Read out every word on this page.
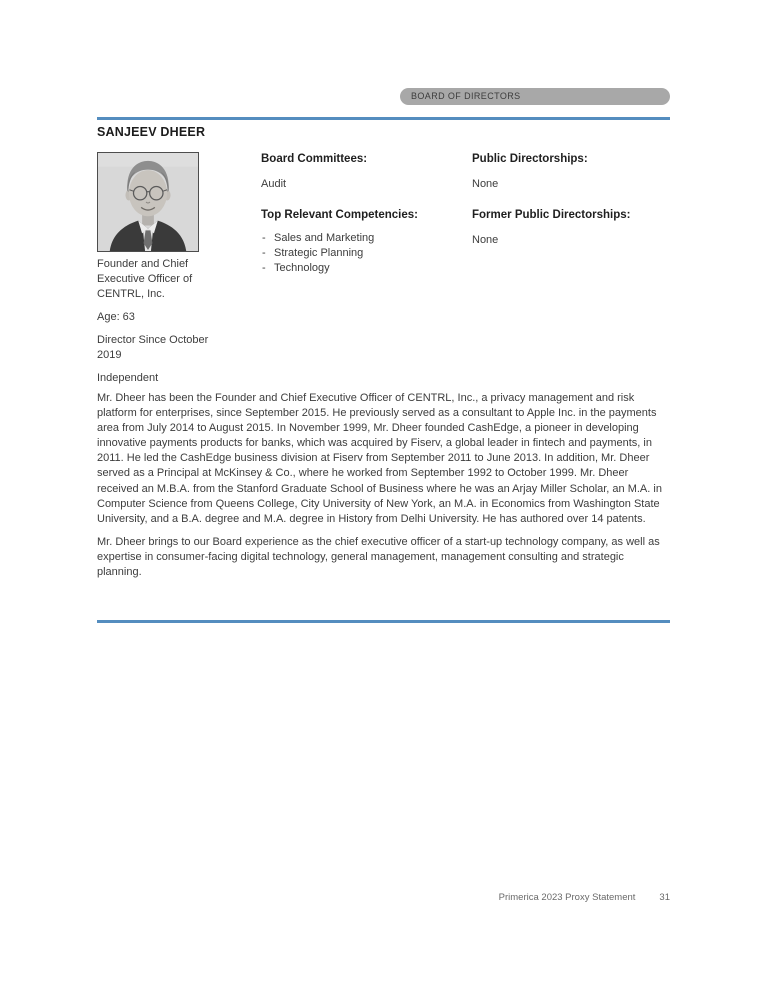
BOARD OF DIRECTORS
SANJEEV DHEER

Founder and Chief Executive Officer of CENTRL, Inc.

Age: 63

Director Since October 2019

Independent

Board Committees:

Audit

Top Relevant Competencies:
- Sales and Marketing
- Strategic Planning
- Technology
Public Directorships:

None

Former Public Directorships:

None

Mr. Dheer has been the Founder and Chief Executive Officer of CENTRL, Inc., a privacy management and risk platform for enterprises, since September 2015. He previously served as a consultant to Apple Inc. in the payments area from July 2014 to August 2015. In November 1999, Mr. Dheer founded CashEdge, a pioneer in developing innovative payments products for banks, which was acquired by Fiserv, a global leader in fintech and payments, in 2011. He led the CashEdge business division at Fiserv from September 2011 to June 2013. In addition, Mr. Dheer served as a Principal at McKinsey & Co., where he worked from September 1992 to October 1999. Mr. Dheer received an M.B.A. from the Stanford Graduate School of Business where he was an Arjay Miller Scholar, an M.A. in Computer Science from Queens College, City University of New York, an M.A. in Economics from Washington State University, and a B.A. degree and M.A. degree in History from Delhi University. He has authored over 14 patents.

Mr. Dheer brings to our Board experience as the chief executive officer of a start-up technology company, as well as expertise in consumer-facing digital technology, general management, management consulting and strategic planning.

Primerica 2023 Proxy Statement	31
